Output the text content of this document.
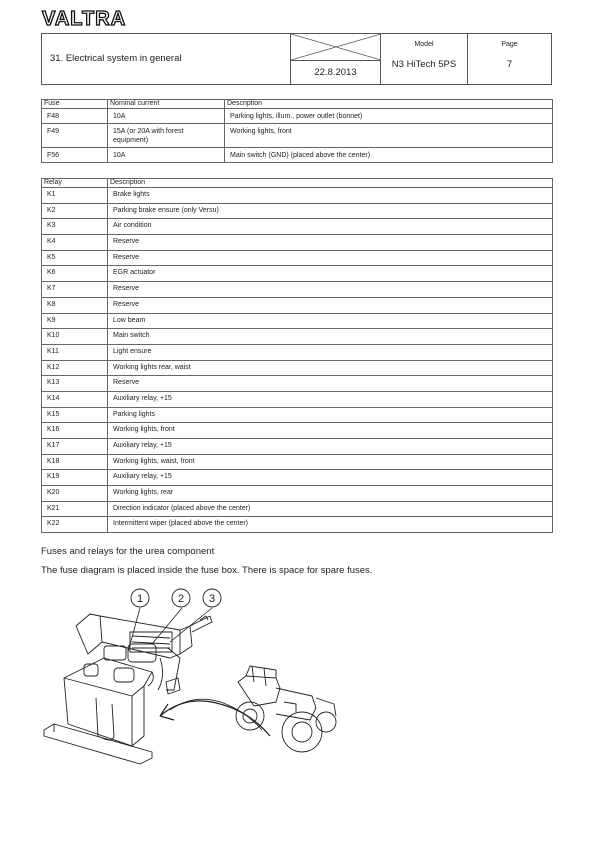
VALTRA
31. Electrical system in general
22.8.2013
Model
N3 HiTech 5PS
Page
7
Fuse	Nominal current	Description
F48	10A	Parking lights, illum., power outlet (bonnet)
F49	15A (or 20A with forest equipment)	Working lights, front
F56	10A	Main switch (GND) (placed above the center)
Relay	Description
K1	Brake lights
K2	Parking brake ensure (only Versu)
K3	Air condition
K4	Reserve
K5	Reserve
K6	EGR actuator
K7	Reserve
K8	Reserve
K9	Low beam
K10	Main switch
K11	Light ensure
K12	Working lights rear, waist
K13	Reserve
K14	Auxiliary relay, +15
K15	Parking lights
K16	Working lights, front
K17	Auxiliary relay, +15
K18	Working lights, waist, front
K19	Auxiliary relay, +15
K20	Working lights, rear
K21	Direction indicator (placed above the center)
K22	Intermittent wiper (placed above the center)
Fuses and relays for the urea component
The fuse diagram is placed inside the fuse box. There is space for spare fuses.
1	2 3
